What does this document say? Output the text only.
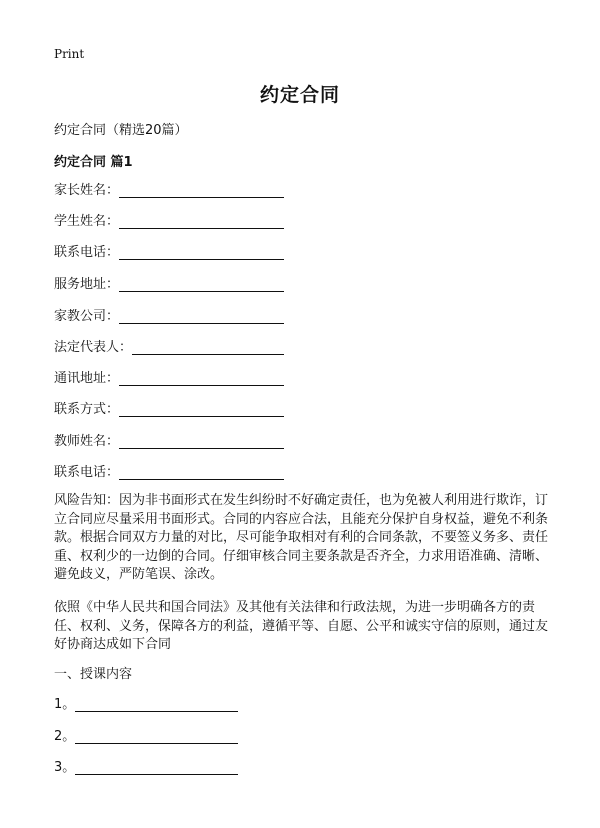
Print
约定合同
约定合同（精选20篇）
约定合同 篇1
家长姓名：
学生姓名：
联系电话：
服务地址：
家教公司：
法定代表人：
通讯地址：
联系方式：
教师姓名：
联系电话：
风险告知：因为非书面形式在发生纠纷时不好确定责任，也为免被人利用进行欺诈，订立合同应尽量采用书面形式。合同的内容应合法，且能充分保护自身权益，避免不利条款。根据合同双方力量的对比，尽可能争取相对有利的合同条款，不要签义务多、责任重、权利少的一边倒的合同。仔细审核合同主要条款是否齐全，力求用语准确、清晰、避免歧义，严防笔误、涂改。
依照《中华人民共和国合同法》及其他有关法律和行政法规，为进一步明确各方的责任、权利、义务，保障各方的利益，遵循平等、自愿、公平和诚实守信的原则，通过友好协商达成如下合同
一、授课内容
1。
2。
3。
